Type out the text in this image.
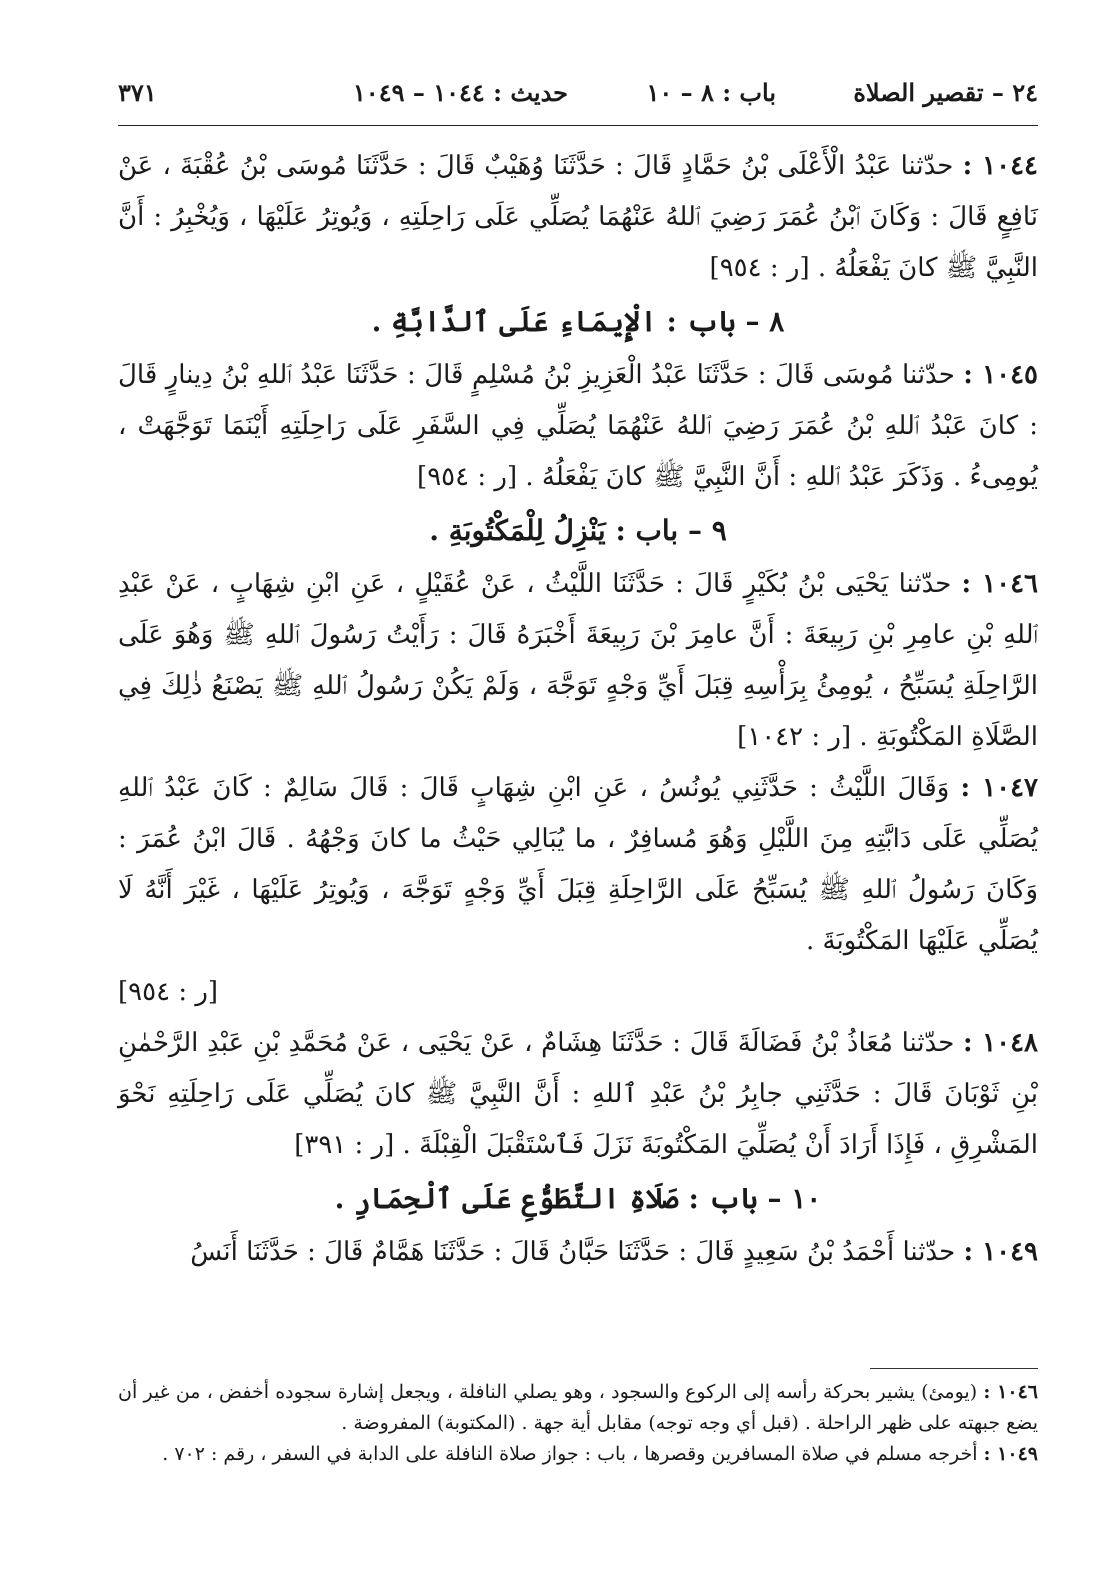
٢٤ – تقصير الصلاة
باب : ٨ – ١٠
حديث : ١٠٤٤ – ١٠٤٩
٣٧١

١٠٤٤ : حدّثنا عَبْدُ الْأَعْلَى بْنُ حَمَّادٍ قَالَ : حَدَّثَنَا وُهَيْبٌ قَالَ : حَدَّثَنَا مُوسَى بْنُ عُقْبَةَ ، عَنْ نَافِعٍ قَالَ : وَكَانَ ٱبْنُ عُمَرَ رَضِيَ ٱللهُ عَنْهُمَا يُصَلِّي عَلَى رَاحِلَتِهِ ، وَيُوتِرُ عَلَيْهَا ، وَيُخْبِرُ : أَنَّ النَّبِيَّ ﷺ كانَ يَفْعَلُهُ . [ر : ٩٥٤]

٨ – باب : الْإِيمَاءِ عَلَى ٱلدَّابَّةِ .

١٠٤٥ : حدّثنا مُوسَى قَالَ : حَدَّثَنَا عَبْدُ الْعَزِيزِ بْنُ مُسْلِمٍ قَالَ : حَدَّثَنَا عَبْدُ ٱللهِ بْنُ دِينارٍ قَالَ : كانَ عَبْدُ ٱللهِ بْنُ عُمَرَ رَضِيَ ٱللهُ عَنْهُمَا يُصَلِّي فِي السَّفَرِ عَلَى رَاحِلَتِهِ أَيْنَمَا تَوَجَّهَتْ ، يُومِىءُ . وَذَكَرَ عَبْدُ ٱللهِ : أَنَّ النَّبِيَّ ﷺ كانَ يَفْعَلُهُ . [ر : ٩٥٤]

٩ – باب : يَنْزِلُ لِلْمَكْتُوبَةِ .

١٠٤٦ : حدّثنا يَحْيَى بْنُ بُكَيْرٍ قَالَ : حَدَّثَنَا اللَّيْثُ ، عَنْ عُقَيْلٍ ، عَنِ ابْنِ شِهَابٍ ، عَنْ عَبْدِ ٱللهِ بْنِ عامِرِ بْنِ رَبِيعَةَ : أَنَّ عامِرَ بْنَ رَبِيعَةَ أَخْبَرَهُ قَالَ : رَأَيْتُ رَسُولَ ٱللهِ ﷺ وَهُوَ عَلَى الرَّاحِلَةِ يُسَبِّحُ ، يُومِئُ بِرَأْسِهِ قِبَلَ أَيِّ وَجْهٍ تَوَجَّهَ ، وَلَمْ يَكُنْ رَسُولُ ٱللهِ ﷺ يَصْنَعُ ذٰلِكَ فِي الصَّلَاةِ المَكْتُوبَةِ . [ر : ١٠٤٢]

١٠٤٧ : وَقَالَ اللَّيْثُ : حَدَّثَنِي يُونُسُ ، عَنِ ابْنِ شِهَابٍ قَالَ : قَالَ سَالِمٌ : كَانَ عَبْدُ ٱللهِ يُصَلِّي عَلَى دَابَّتِهِ مِنَ اللَّيْلِ وَهُوَ مُسافِرٌ ، ما يُبَالِي حَيْثُ ما كانَ وَجْهُهُ . قَالَ ابْنُ عُمَرَ : وَكَانَ رَسُولُ ٱللهِ ﷺ يُسَبِّحُ عَلَى الرَّاحِلَةِ قِبَلَ أَيِّ وَجْهٍ تَوَجَّهَ ، وَيُوتِرُ عَلَيْهَا ، غَيْرَ أَنَّهُ لَا يُصَلِّي عَلَيْهَا المَكْتُوبَةَ .

[ر : ٩٥٤]

١٠٤٨ : حدّثنا مُعَاذُ بْنُ فَضَالَةَ قَالَ : حَدَّثَنَا هِشَامٌ ، عَنْ يَحْيَى ، عَنْ مُحَمَّدِ بْنِ عَبْدِ الرَّحْمٰنِ بْنِ ثَوْبَانَ قَالَ : حَدَّثَنِي جابِرُ بْنُ عَبْدِ ٱللهِ : أَنَّ النَّبِيَّ ﷺ كانَ يُصَلِّي عَلَى رَاحِلَتِهِ نَحْوَ المَشْرِقِ ، فَإِذَا أَرَادَ أَنْ يُصَلِّيَ المَكْتُوبَةَ نَزَلَ فَٱسْتَقْبَلَ الْقِبْلَةَ . [ر : ٣٩١]

١٠ – باب : صَلَاةِ التَّطَوُّعِ عَلَى ٱلْحِمَارِ .

١٠٤٩ : حدّثنا أَحْمَدُ بْنُ سَعِيدٍ قَالَ : حَدَّثَنَا حَبَّانُ قَالَ : حَدَّثَنَا هَمَّامٌ قَالَ : حَدَّثَنَا أَنَسُ

١٠٤٦ : (يومئ) يشير بحركة رأسه إلى الركوع والسجود ، وهو يصلي النافلة ، ويجعل إشارة سجوده أخفض ، من غير أن يضع جبهته على ظهر الراحلة . (قبل أي وجه توجه) مقابل أية جهة . (المكتوبة) المفروضة .

١٠٤٩ : أخرجه مسلم في صلاة المسافرين وقصرها ، باب : جواز صلاة النافلة على الدابة في السفر ، رقم : ٧٠٢ .
